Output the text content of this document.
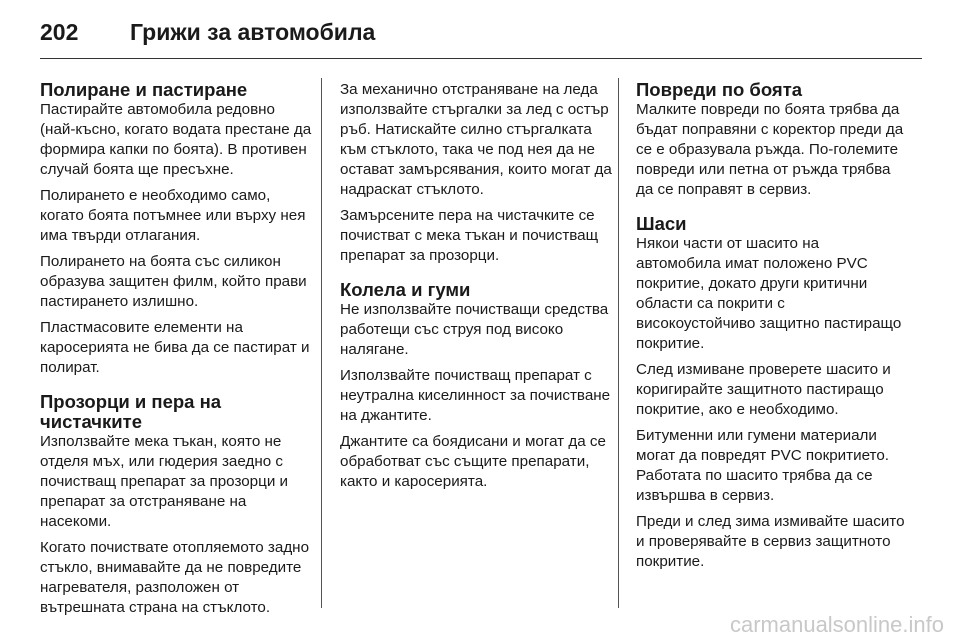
202	Грижи за автомобила
Полиране и пастиране

Пастирайте автомобила редовно (най-късно, когато водата престане да формира капки по боята). В противен случай боята ще пресъхне.

Полирането е необходимо само, когато боята потъмнее или върху нея има твърди отлагания.

Полирането на боята със силикон образува защитен филм, който прави пастирането излишно.

Пластмасовите елементи на каросерията не бива да се пастират и полират.

Прозорци и пера на чистачките

Използвайте мека тъкан, която не отделя мъх, или гюдерия заедно с почистващ препарат за прозорци и препарат за отстраняване на насекоми.

Когато почиствате отопляемото задно стъкло, внимавайте да не повредите нагревателя, разположен от вътрешната страна на стъклото.

За механично отстраняване на леда използвайте стъргалки за лед с остър ръб. Натискайте силно стъргалката към стъклото, така че под нея да не остават замърсявания, които могат да надраскат стъклото.

Замърсените пера на чистачките се почистват с мека тъкан и почистващ препарат за прозорци.

Колела и гуми

Не използвайте почистващи средства работещи със струя под високо налягане.

Използвайте почистващ препарат с неутрална киселинност за почистване на джантите.

Джантите са боядисани и могат да се обработват със същите препарати, както и каросерията.

Повреди по боята

Малките повреди по боята трябва да бъдат поправяни с коректор преди да се е образувала ръжда. По-големите повреди или петна от ръжда трябва да се поправят в сервиз.

Шаси

Някои части от шасито на автомобила имат положено PVC покритие, докато други критични области са покрити с високоустойчиво защитно пастиращо покритие.

След измиване проверете шасито и коригирайте защитното пастиращо покритие, ако е необходимо.

Битуменни или гумени материали могат да повредят PVC покритието. Работата по шасито трябва да се извършва в сервиз.

Преди и след зима измивайте шасито и проверявайте в сервиз защитното покритие.

carmanualsonline.info
